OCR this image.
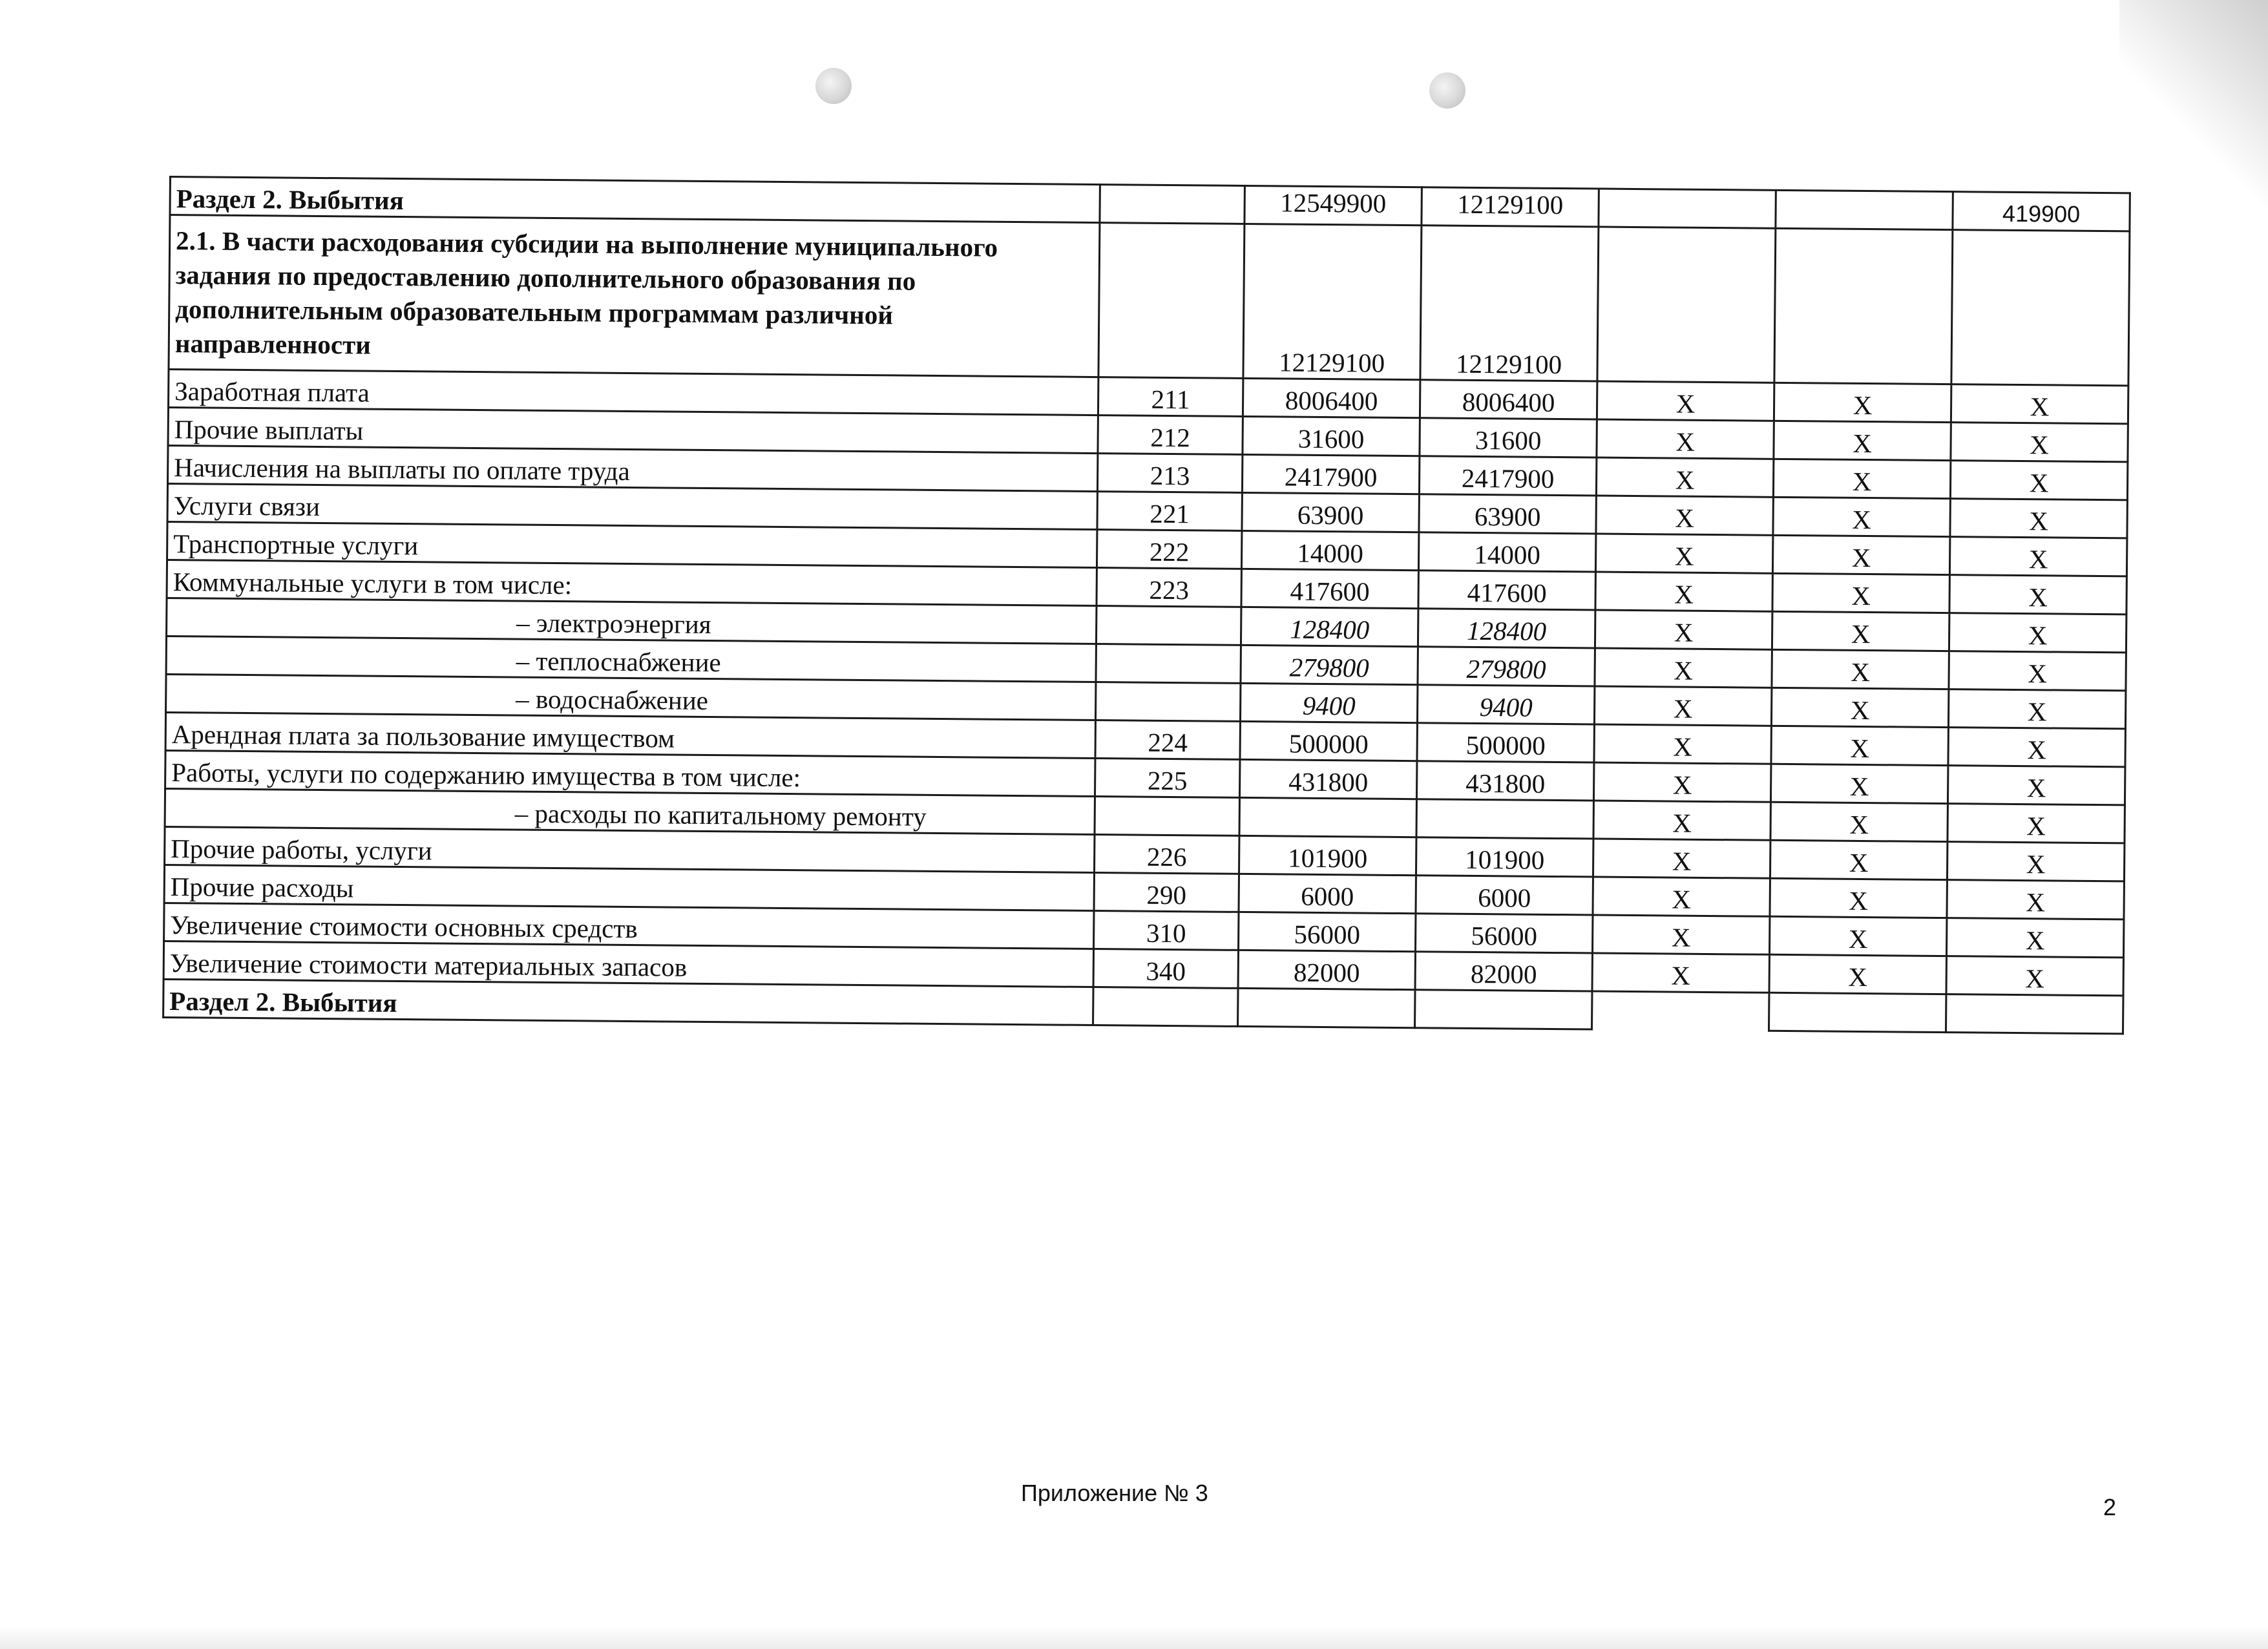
Раздел 2. Выбытия		12549900	12129100			419900
2.1. В части расходования субсидии на выполнение муниципального задания по предоставлению дополнительного образования по дополнительным образовательным программам различной направленности		12129100	12129100			
Заработная плата	211	8006400	8006400	X	X	X
Прочие выплаты	212	31600	31600	X	X	X
Начисления на выплаты по оплате труда	213	2417900	2417900	X	X	X
Услуги связи	221	63900	63900	X	X	X
Транспортные услуги	222	14000	14000	X	X	X
Коммунальные услуги в том числе:	223	417600	417600	X	X	X
– электроэнергия		128400	128400	X	X	X
– теплоснабжение		279800	279800	X	X	X
– водоснабжение		9400	9400	X	X	X
Арендная плата за пользование имуществом	224	500000	500000	X	X	X
Работы, услуги по содержанию имущества в том числе:	225	431800	431800	X	X	X
– расходы по капитальному ремонту				X	X	X
Прочие работы, услуги	226	101900	101900	X	X	X
Прочие расходы	290	6000	6000	X	X	X
Увеличение стоимости основных средств	310	56000	56000	X	X	X
Увеличение стоимости материальных запасов	340	82000	82000	X	X	X
Раздел 2. Выбытия						
Приложение № 3
2
